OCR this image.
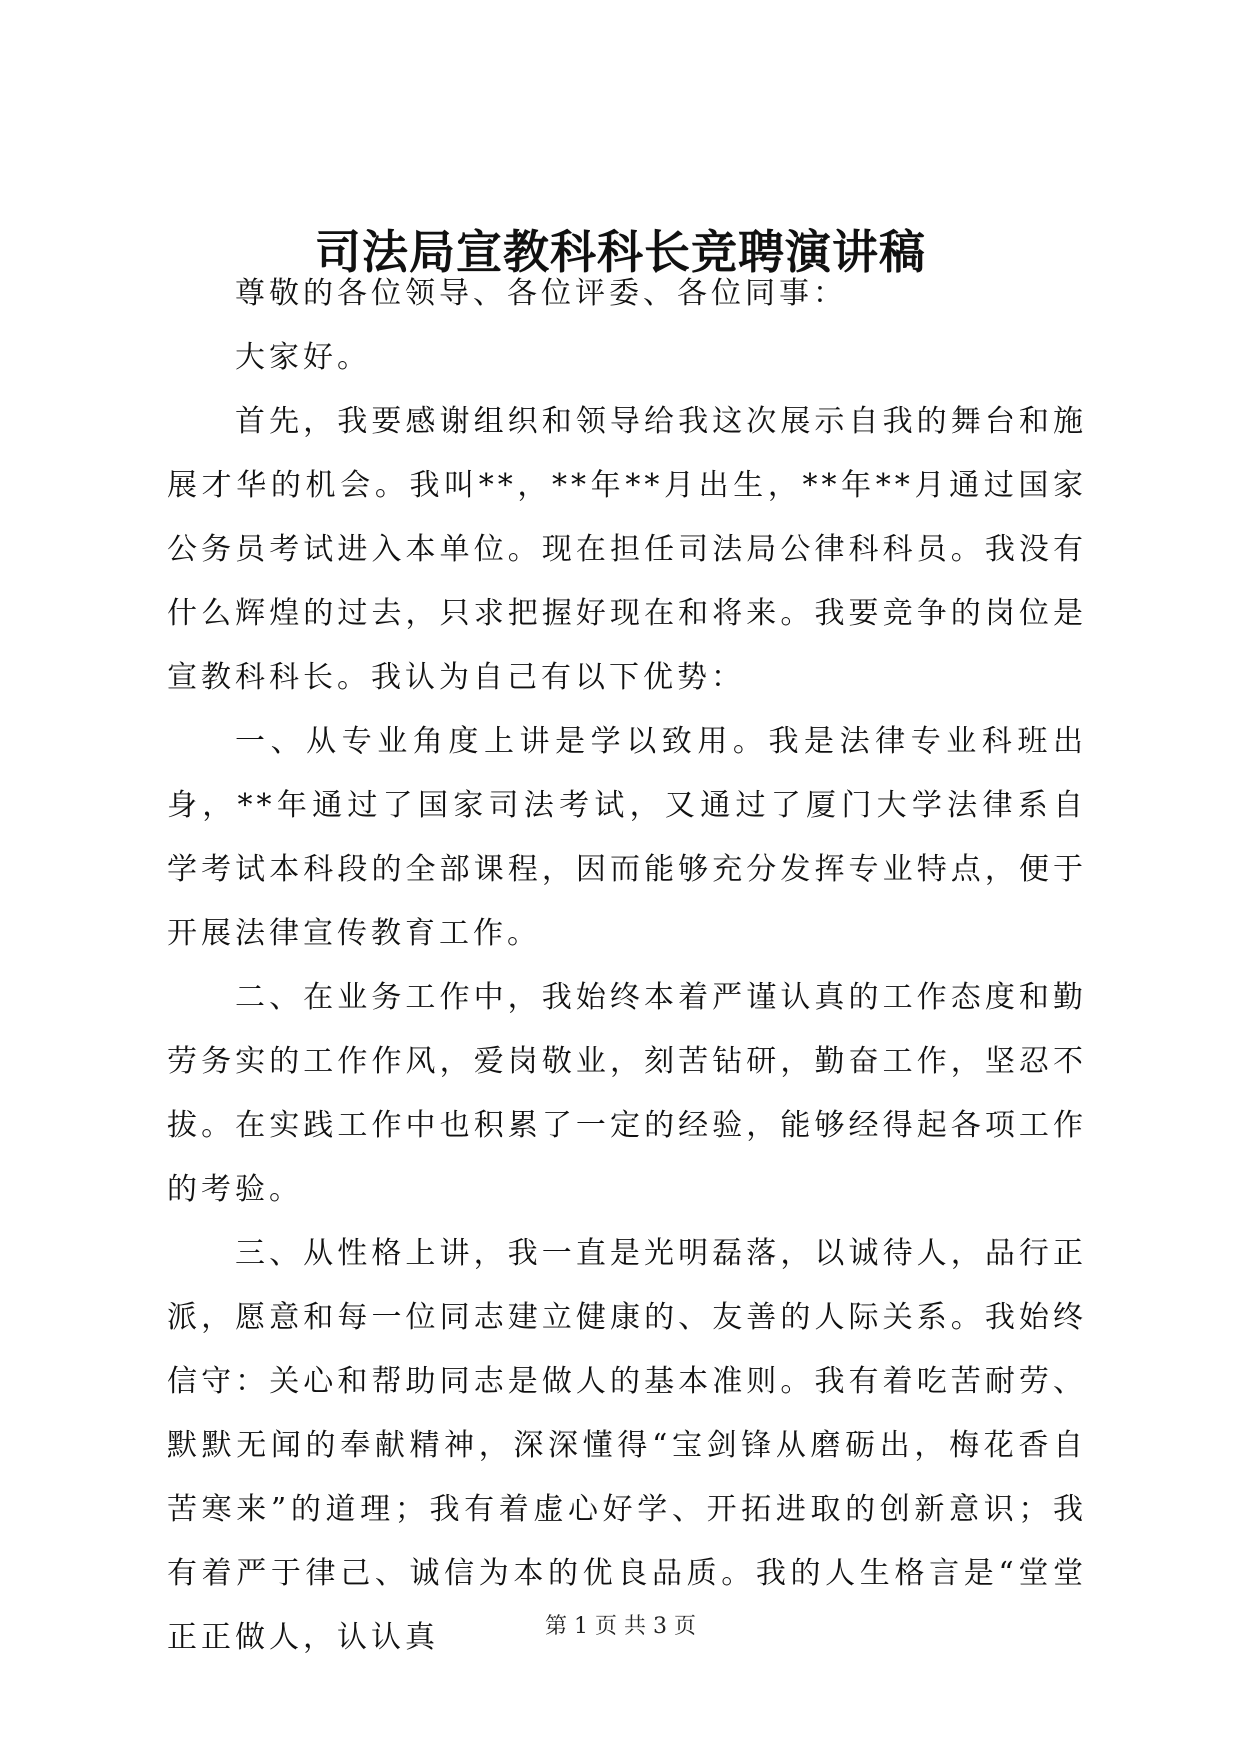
司法局宣教科科长竞聘演讲稿

尊敬的各位领导、各位评委、各位同事：

大家好。

首先，我要感谢组织和领导给我这次展示自我的舞台和施展才华的机会。我叫**，**年**月出生，**年**月通过国家公务员考试进入本单位。现在担任司法局公律科科员。我没有什么辉煌的过去，只求把握好现在和将来。我要竞争的岗位是宣教科科长。我认为自己有以下优势：

一、从专业角度上讲是学以致用。我是法律专业科班出身，**年通过了国家司法考试，又通过了厦门大学法律系自学考试本科段的全部课程，因而能够充分发挥专业特点，便于开展法律宣传教育工作。

二、在业务工作中，我始终本着严谨认真的工作态度和勤劳务实的工作作风，爱岗敬业，刻苦钻研，勤奋工作，坚忍不拔。在实践工作中也积累了一定的经验，能够经得起各项工作的考验。

三、从性格上讲，我一直是光明磊落，以诚待人，品行正派，愿意和每一位同志建立健康的、友善的人际关系。我始终信守：关心和帮助同志是做人的基本准则。我有着吃苦耐劳、默默无闻的奉献精神，深深懂得“宝剑锋从磨砺出，梅花香自苦寒来”的道理；我有着虚心好学、开拓进取的创新意识；我有着严于律己、诚信为本的优良品质。我的人生格言是“堂堂正正做人，认认真	第 1 页 共 3 页
